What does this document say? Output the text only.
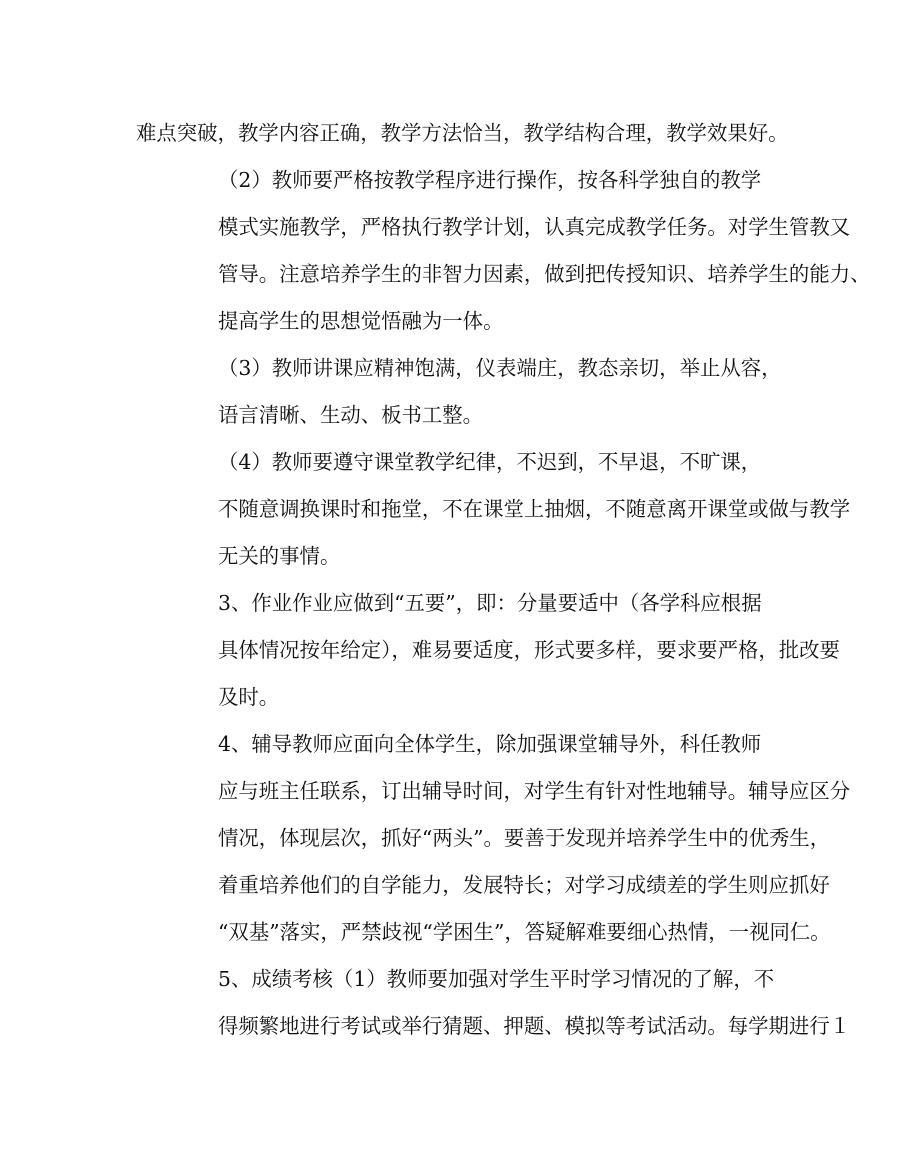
难点突破，教学内容正确，教学方法恰当，教学结构合理，教学效果好。

（2）教师要严格按教学程序进行操作，按各科学独自的教学
模式实施教学，严格执行教学计划，认真完成教学任务。对学生管教又
管导。注意培养学生的非智力因素，做到把传授知识、培养学生的能力、
提高学生的思想觉悟融为一体。

（3）教师讲课应精神饱满，仪表端庄，教态亲切，举止从容，
语言清晰、生动、板书工整。

（4）教师要遵守课堂教学纪律，不迟到，不早退，不旷课，
不随意调换课时和拖堂，不在课堂上抽烟，不随意离开课堂或做与教学
无关的事情。

3、作业作业应做到“五要”，即：分量要适中（各学科应根据
具体情况按年给定），难易要适度，形式要多样，要求要严格，批改要
及时。

4、辅导教师应面向全体学生，除加强课堂辅导外，科任教师
应与班主任联系，订出辅导时间，对学生有针对性地辅导。辅导应区分
情况，体现层次，抓好“两头”。要善于发现并培养学生中的优秀生，
着重培养他们的自学能力，发展特长；对学习成绩差的学生则应抓好
“双基”落实，严禁歧视“学困生”，答疑解难要细心热情，一视同仁。

5、成绩考核（1）教师要加强对学生平时学习情况的了解，不
得频繁地进行考试或举行猜题、押题、模拟等考试活动。每学期进行１
